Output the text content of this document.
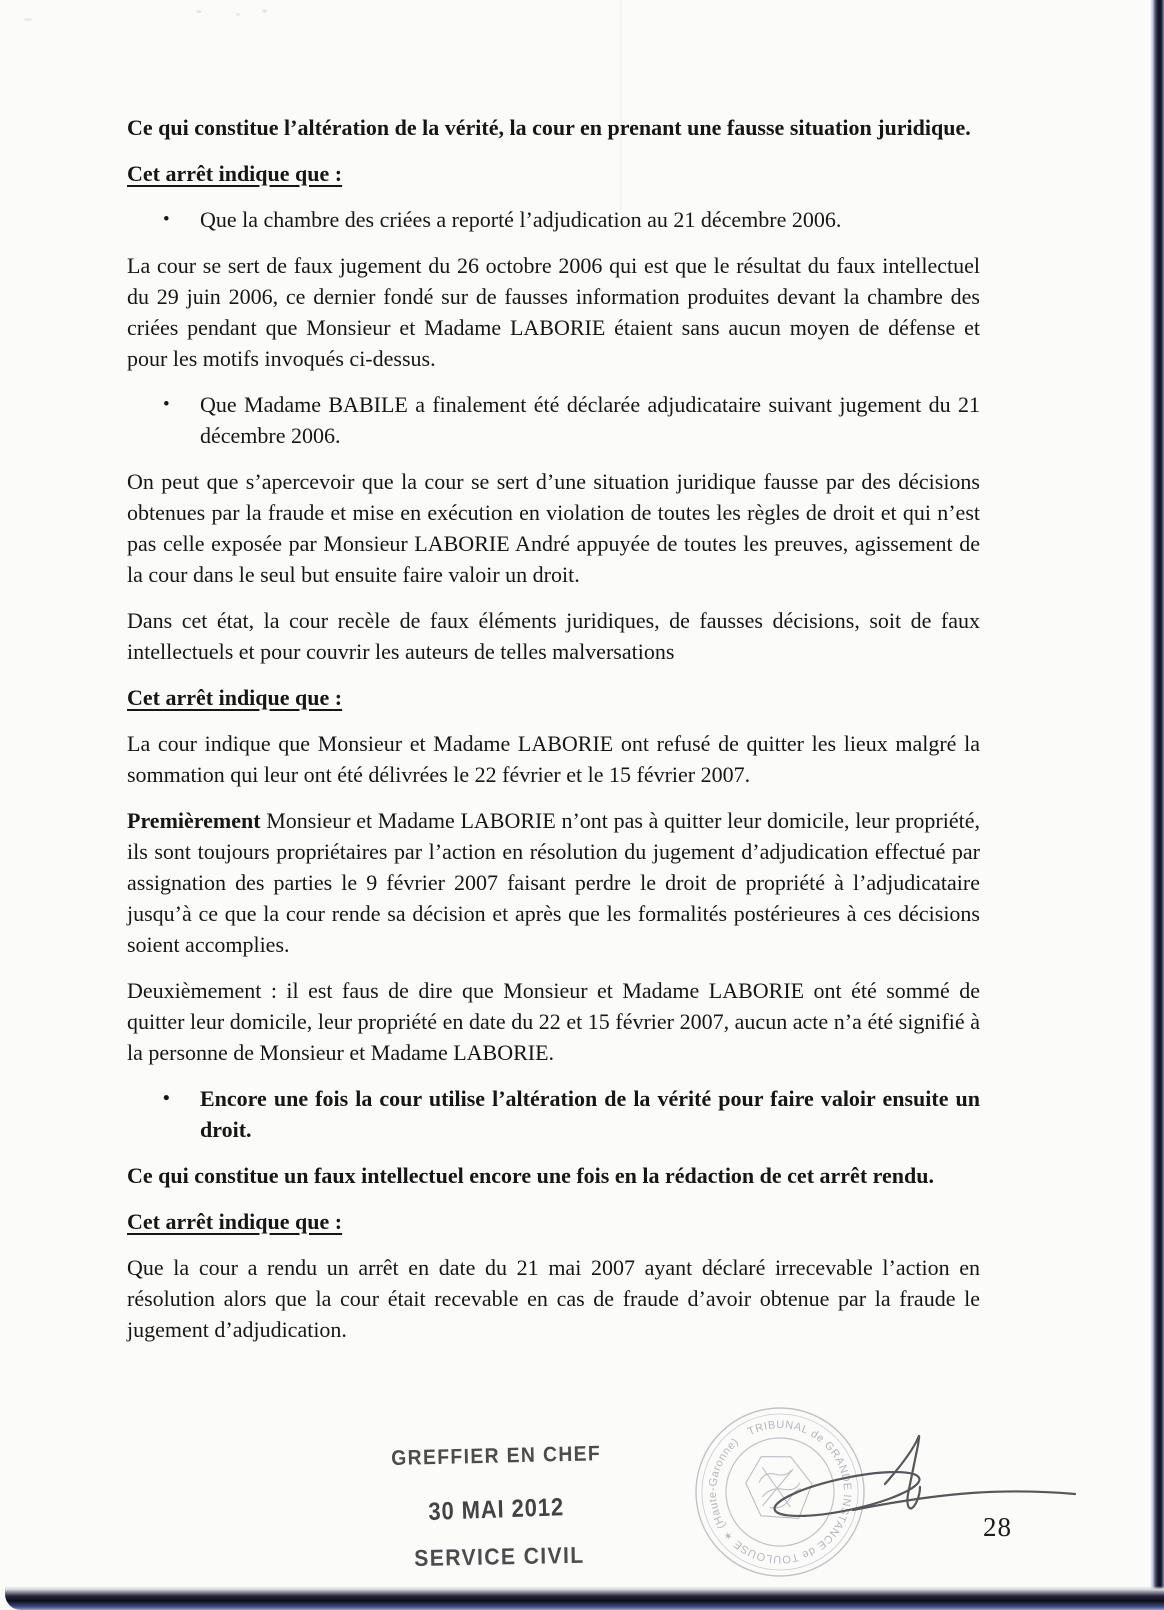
Ce qui constitue l’altération de la vérité, la cour en prenant une fausse situation juridique.

Cet arrêt indique que :

•	Que la chambre des criées a reporté l’adjudication au 21 décembre 2006.

La cour se sert de faux jugement du 26 octobre 2006 qui est que le résultat du faux intellectuel du 29 juin 2006, ce dernier fondé sur de fausses information produites devant la chambre des criées pendant que Monsieur et Madame LABORIE étaient sans aucun moyen de défense et pour les motifs invoqués ci-dessus.

•	Que Madame BABILE a finalement été déclarée adjudicataire suivant jugement du 21 décembre 2006.

On peut que s’apercevoir que la cour se sert d’une situation juridique fausse par des décisions obtenues par la fraude et mise en exécution en violation de toutes les règles de droit et qui n’est pas celle exposée par Monsieur LABORIE André appuyée de toutes les preuves, agissement de la cour dans le seul but ensuite faire valoir un droit.

Dans cet état, la cour recèle de faux éléments juridiques, de fausses décisions, soit de faux intellectuels et pour couvrir les auteurs de telles malversations

Cet arrêt indique que :

La cour indique que Monsieur et Madame LABORIE ont refusé de quitter les lieux malgré la sommation qui leur ont été délivrées le 22 février et le 15 février 2007.

Premièrement Monsieur et Madame LABORIE n’ont pas à quitter leur domicile, leur propriété, ils sont toujours propriétaires par l’action en résolution du jugement d’adjudication effectué par assignation des parties le 9 février 2007 faisant perdre le droit de propriété à l’adjudicataire jusqu’à ce que la cour rende sa décision et après que les formalités postérieures à ces décisions soient accomplies.

Deuxièmement : il est faus de dire que Monsieur et Madame LABORIE ont été sommé de quitter leur domicile, leur propriété en date du 22 et 15 février 2007, aucun acte n’a été signifié à la personne de Monsieur et Madame LABORIE.

•	Encore une fois la cour utilise l’altération de la vérité pour faire valoir ensuite un droit.

Ce qui constitue un faux intellectuel encore une fois en la rédaction de cet arrêt rendu.

Cet arrêt indique que :

Que la cour a rendu un arrêt en date du 21 mai 2007 ayant déclaré irrecevable l’action en résolution alors que la cour était recevable en cas de fraude d’avoir obtenue par la fraude le jugement d’adjudication.

GREFFIER EN CHEF
30 MAI 2012
SERVICE CIVIL
TRIBUNAL de GRANDE INSTANCE de TOULOUSE ✶ (Haute-Garonne)
28
